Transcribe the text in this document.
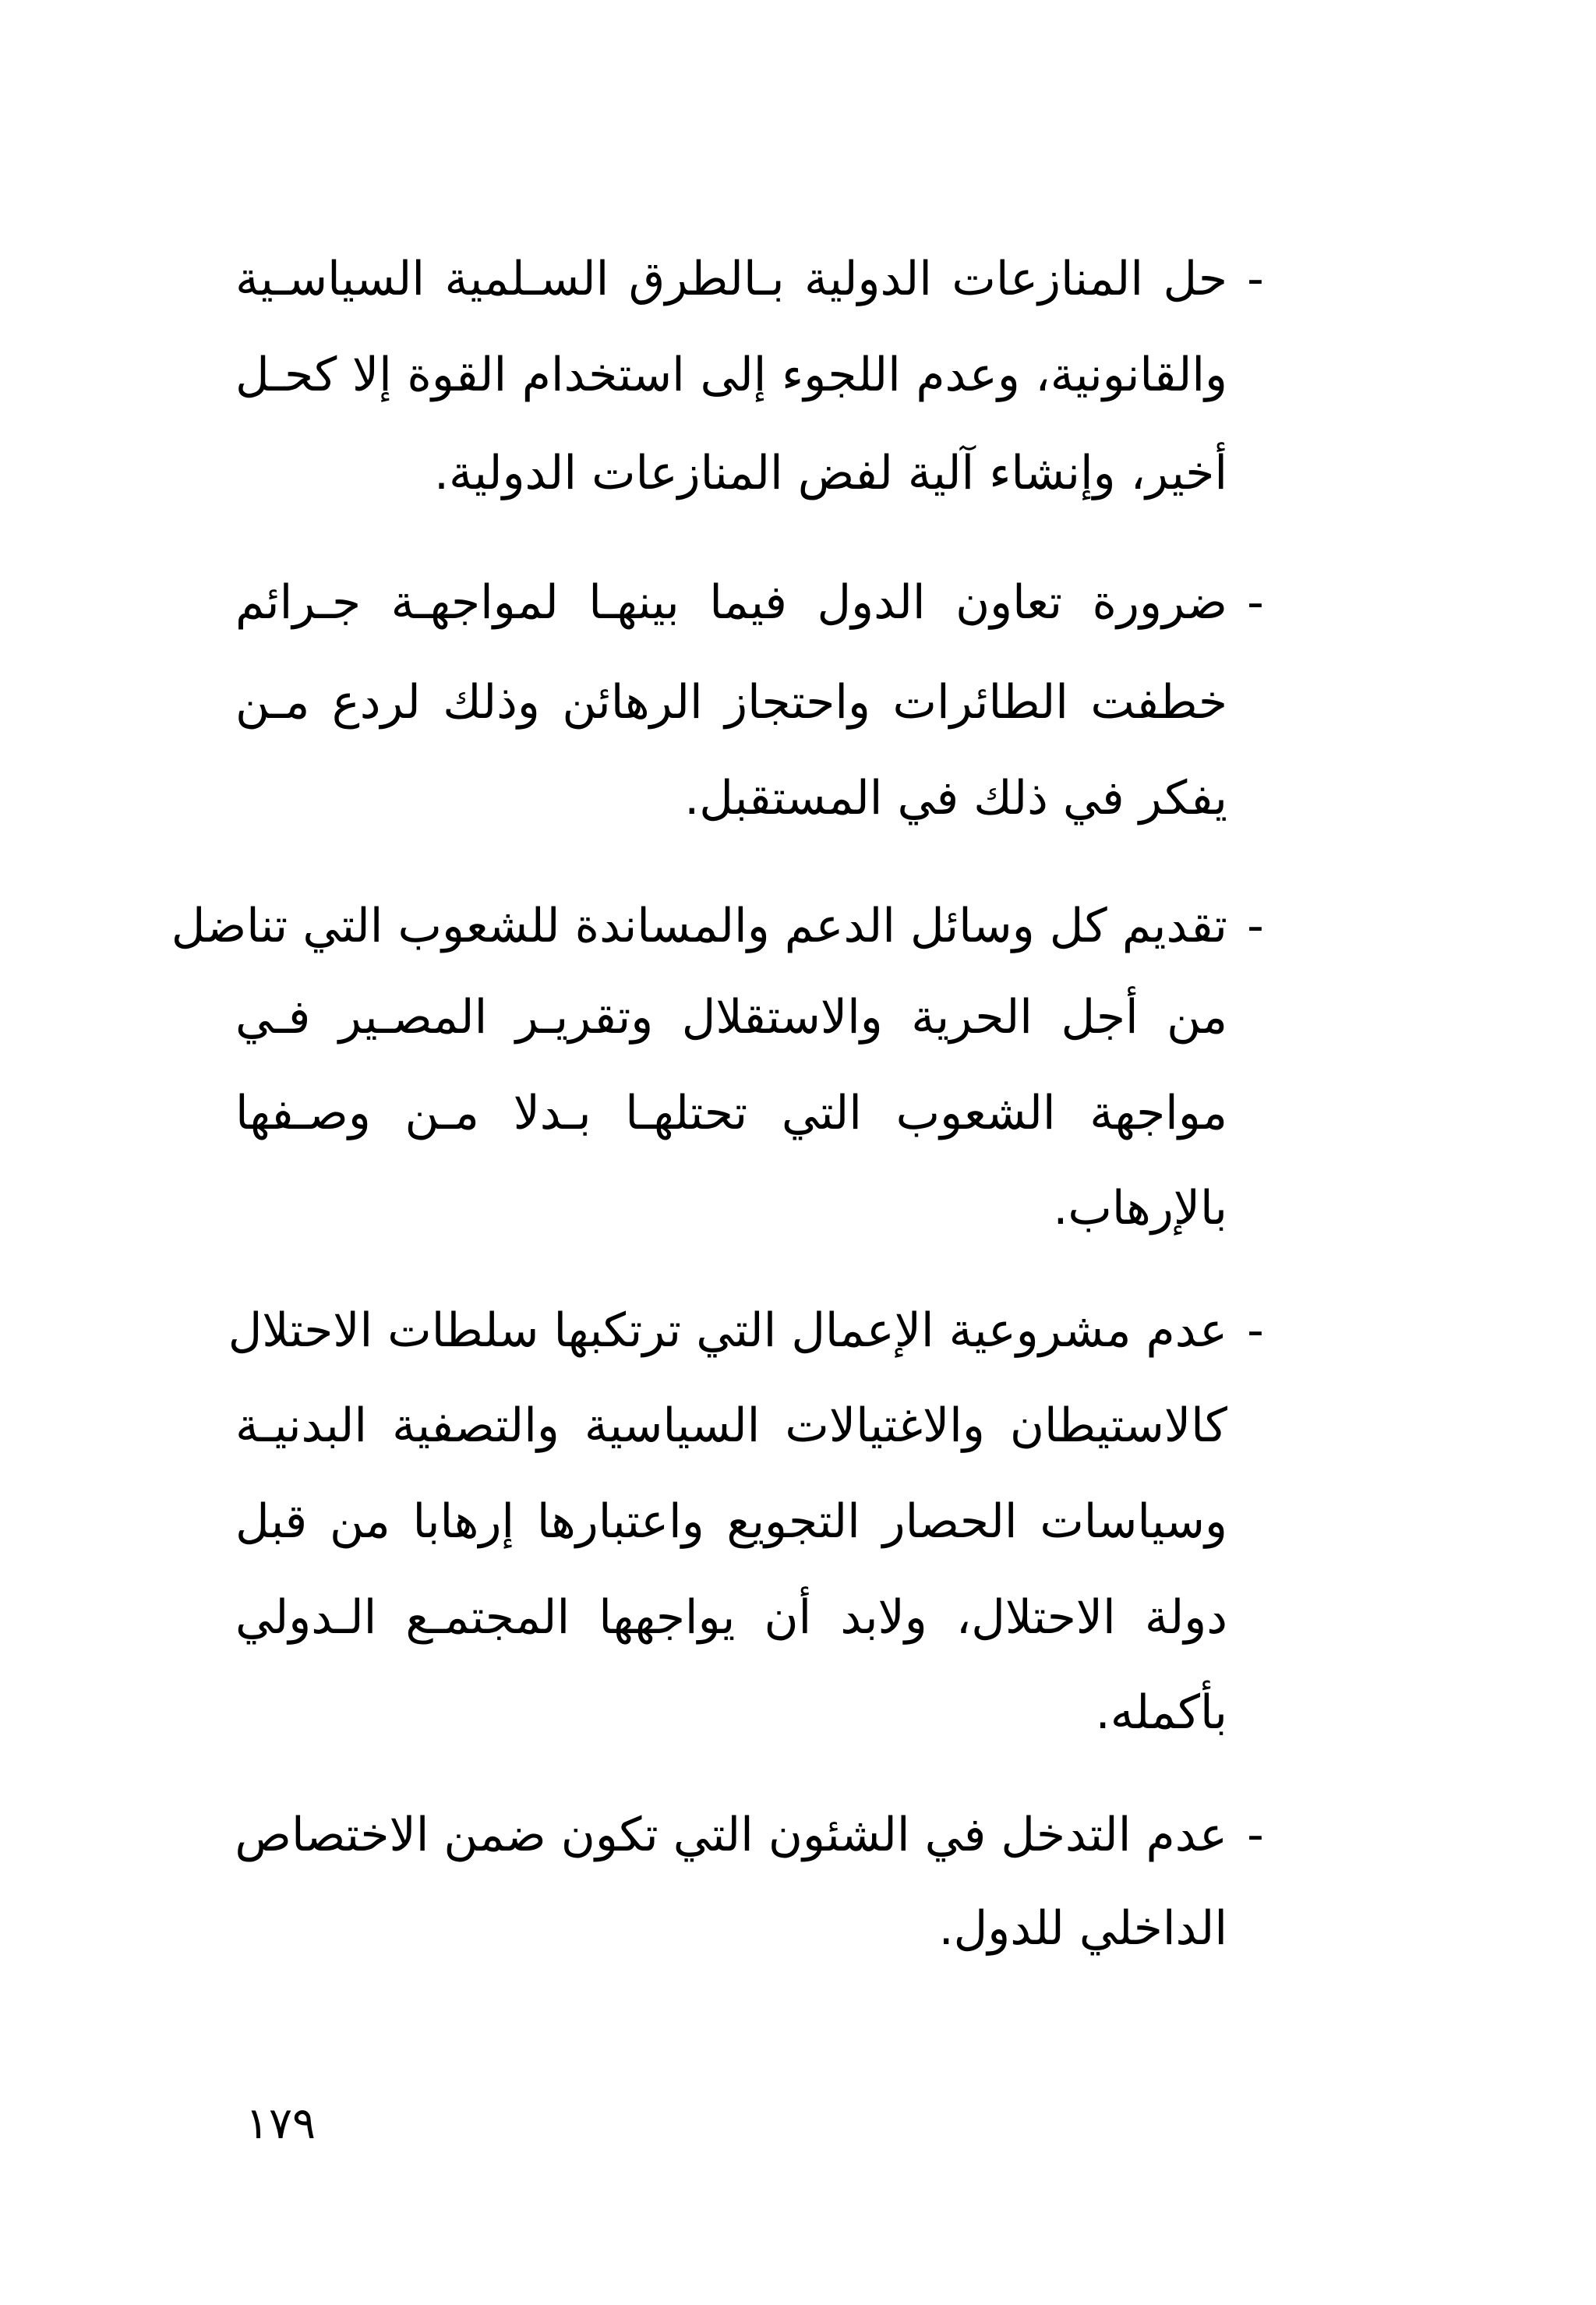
-
حل المنازعات الدولية بـالطرق السـلمية السياسـية
والقانونية، وعدم اللجوء إلى استخدام القوة إلا كحـل
أخير، وإنشاء آلية لفض المنازعات الدولية.
-
ضرورة تعاون الدول فيما بينهـا لمواجهـة جـرائم
خطفت الطائرات واحتجاز الرهائن وذلك لردع مـن
يفكر في ذلك في المستقبل.
-
تقديم كل وسائل الدعم والمساندة للشعوب التي تناضل
من أجل الحرية والاستقلال وتقريـر المصـير فـي
مواجهة الشعوب التي تحتلهـا بـدلا مـن وصـفها
بالإرهاب.
-
عدم مشروعية الإعمال التي ترتكبها سلطات الاحتلال
كالاستيطان والاغتيالات السياسية والتصفية البدنيـة
وسياسات الحصار التجويع واعتبارها إرهابا من قبل
دولة الاحتلال، ولابد أن يواجهها المجتمـع الـدولي
بأكمله.
-
عدم التدخل في الشئون التي تكون ضمن الاختصاص
الداخلي للدول.
١٧٩
